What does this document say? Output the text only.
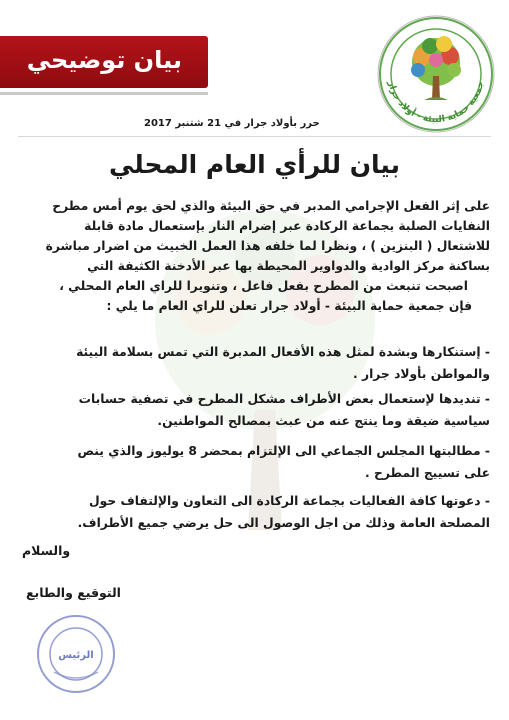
بيان توضيحي
جمعية حماية البيئة - أولاد جرار
حرر بأولاد جرار في 21 شتنبر 2017
بيان للرأي العام المحلي

على إثر الفعل الإجرامي المدبر في حق البيئة والذي لحق يوم أمس مطرح

النفايات الصلبة بجماعة الركادة عبر إضرام النار بإستعمال مادة قابلة

للاشتعال ( البنزين ) ، ونظرا لما خلفه هذا العمل الخبيث من اضرار مباشرة

بساكنة مركز الوادية والدواوير المحيطة بها عبر الأدخنة الكثيفة التي

اصبحت تنبعث من المطرح بفعل فاعل ، وتنويرا للراي العام المحلي ،

فإن جمعية حماية البيئة - أولاد جرار تعلن للراي العام ما يلي :

- إستنكارها وبشدة لمثل هذه الأفعال المدبرة التي تمس بسلامة البيئة

والمواطن بأولاد جرار .

- تنديدها لإستعمال بعض الأطراف مشكل المطرح في تصفية حسابات

سياسية ضيقة وما ينتج عنه من عبث بمصالح المواطنين.

- مطالبتها المجلس الجماعي الى الإلتزام بمحضر 8 يوليوز والذي ينص

على تسييج المطرح .

- دعوتها كافة الفعاليات بجماعة الركادة الى التعاون والإلتفاف حول

المصلحة العامة وذلك من اجل الوصول الى حل يرضي جميع الأطراف.

والسلام
التوقيع والطابع
الرئيس
